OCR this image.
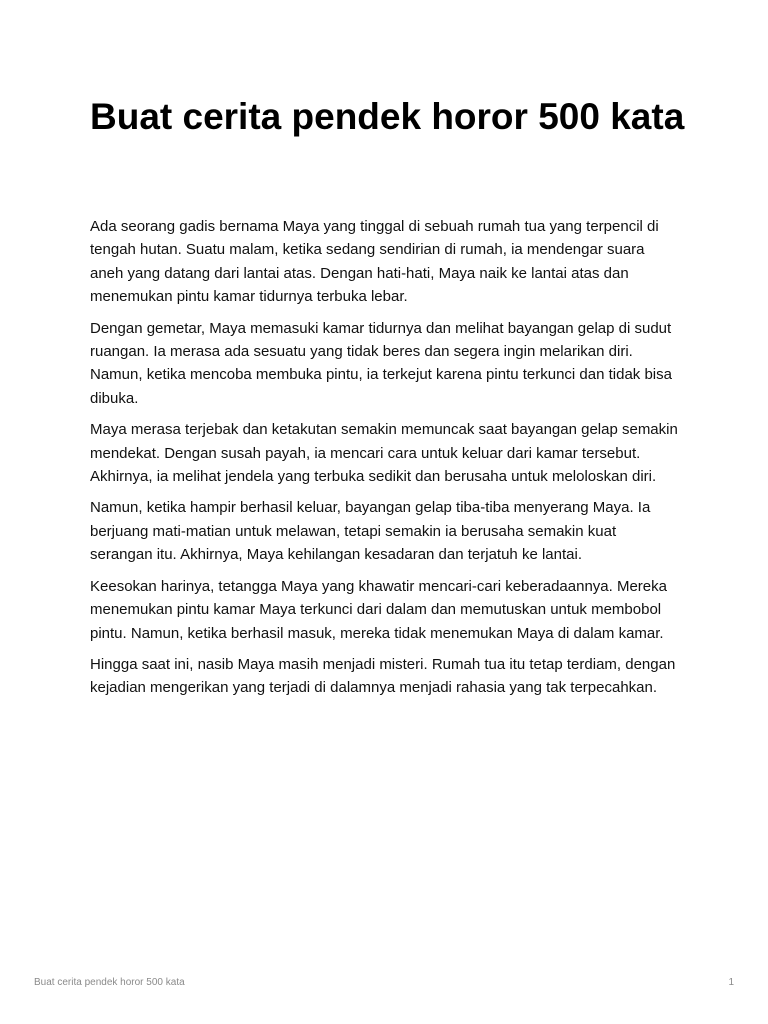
Buat cerita pendek horor 500 kata

Ada seorang gadis bernama Maya yang tinggal di sebuah rumah tua yang terpencil di tengah hutan. Suatu malam, ketika sedang sendirian di rumah, ia mendengar suara aneh yang datang dari lantai atas. Dengan hati-hati, Maya naik ke lantai atas dan menemukan pintu kamar tidurnya terbuka lebar.

Dengan gemetar, Maya memasuki kamar tidurnya dan melihat bayangan gelap di sudut ruangan. Ia merasa ada sesuatu yang tidak beres dan segera ingin melarikan diri. Namun, ketika mencoba membuka pintu, ia terkejut karena pintu terkunci dan tidak bisa dibuka.

Maya merasa terjebak dan ketakutan semakin memuncak saat bayangan gelap semakin mendekat. Dengan susah payah, ia mencari cara untuk keluar dari kamar tersebut. Akhirnya, ia melihat jendela yang terbuka sedikit dan berusaha untuk meloloskan diri.

Namun, ketika hampir berhasil keluar, bayangan gelap tiba-tiba menyerang Maya. Ia berjuang mati-matian untuk melawan, tetapi semakin ia berusaha semakin kuat serangan itu. Akhirnya, Maya kehilangan kesadaran dan terjatuh ke lantai.

Keesokan harinya, tetangga Maya yang khawatir mencari-cari keberadaannya. Mereka menemukan pintu kamar Maya terkunci dari dalam dan memutuskan untuk membobol pintu. Namun, ketika berhasil masuk, mereka tidak menemukan Maya di dalam kamar.

Hingga saat ini, nasib Maya masih menjadi misteri. Rumah tua itu tetap terdiam, dengan kejadian mengerikan yang terjadi di dalamnya menjadi rahasia yang tak terpecahkan.

Buat cerita pendek horor 500 kata	1
